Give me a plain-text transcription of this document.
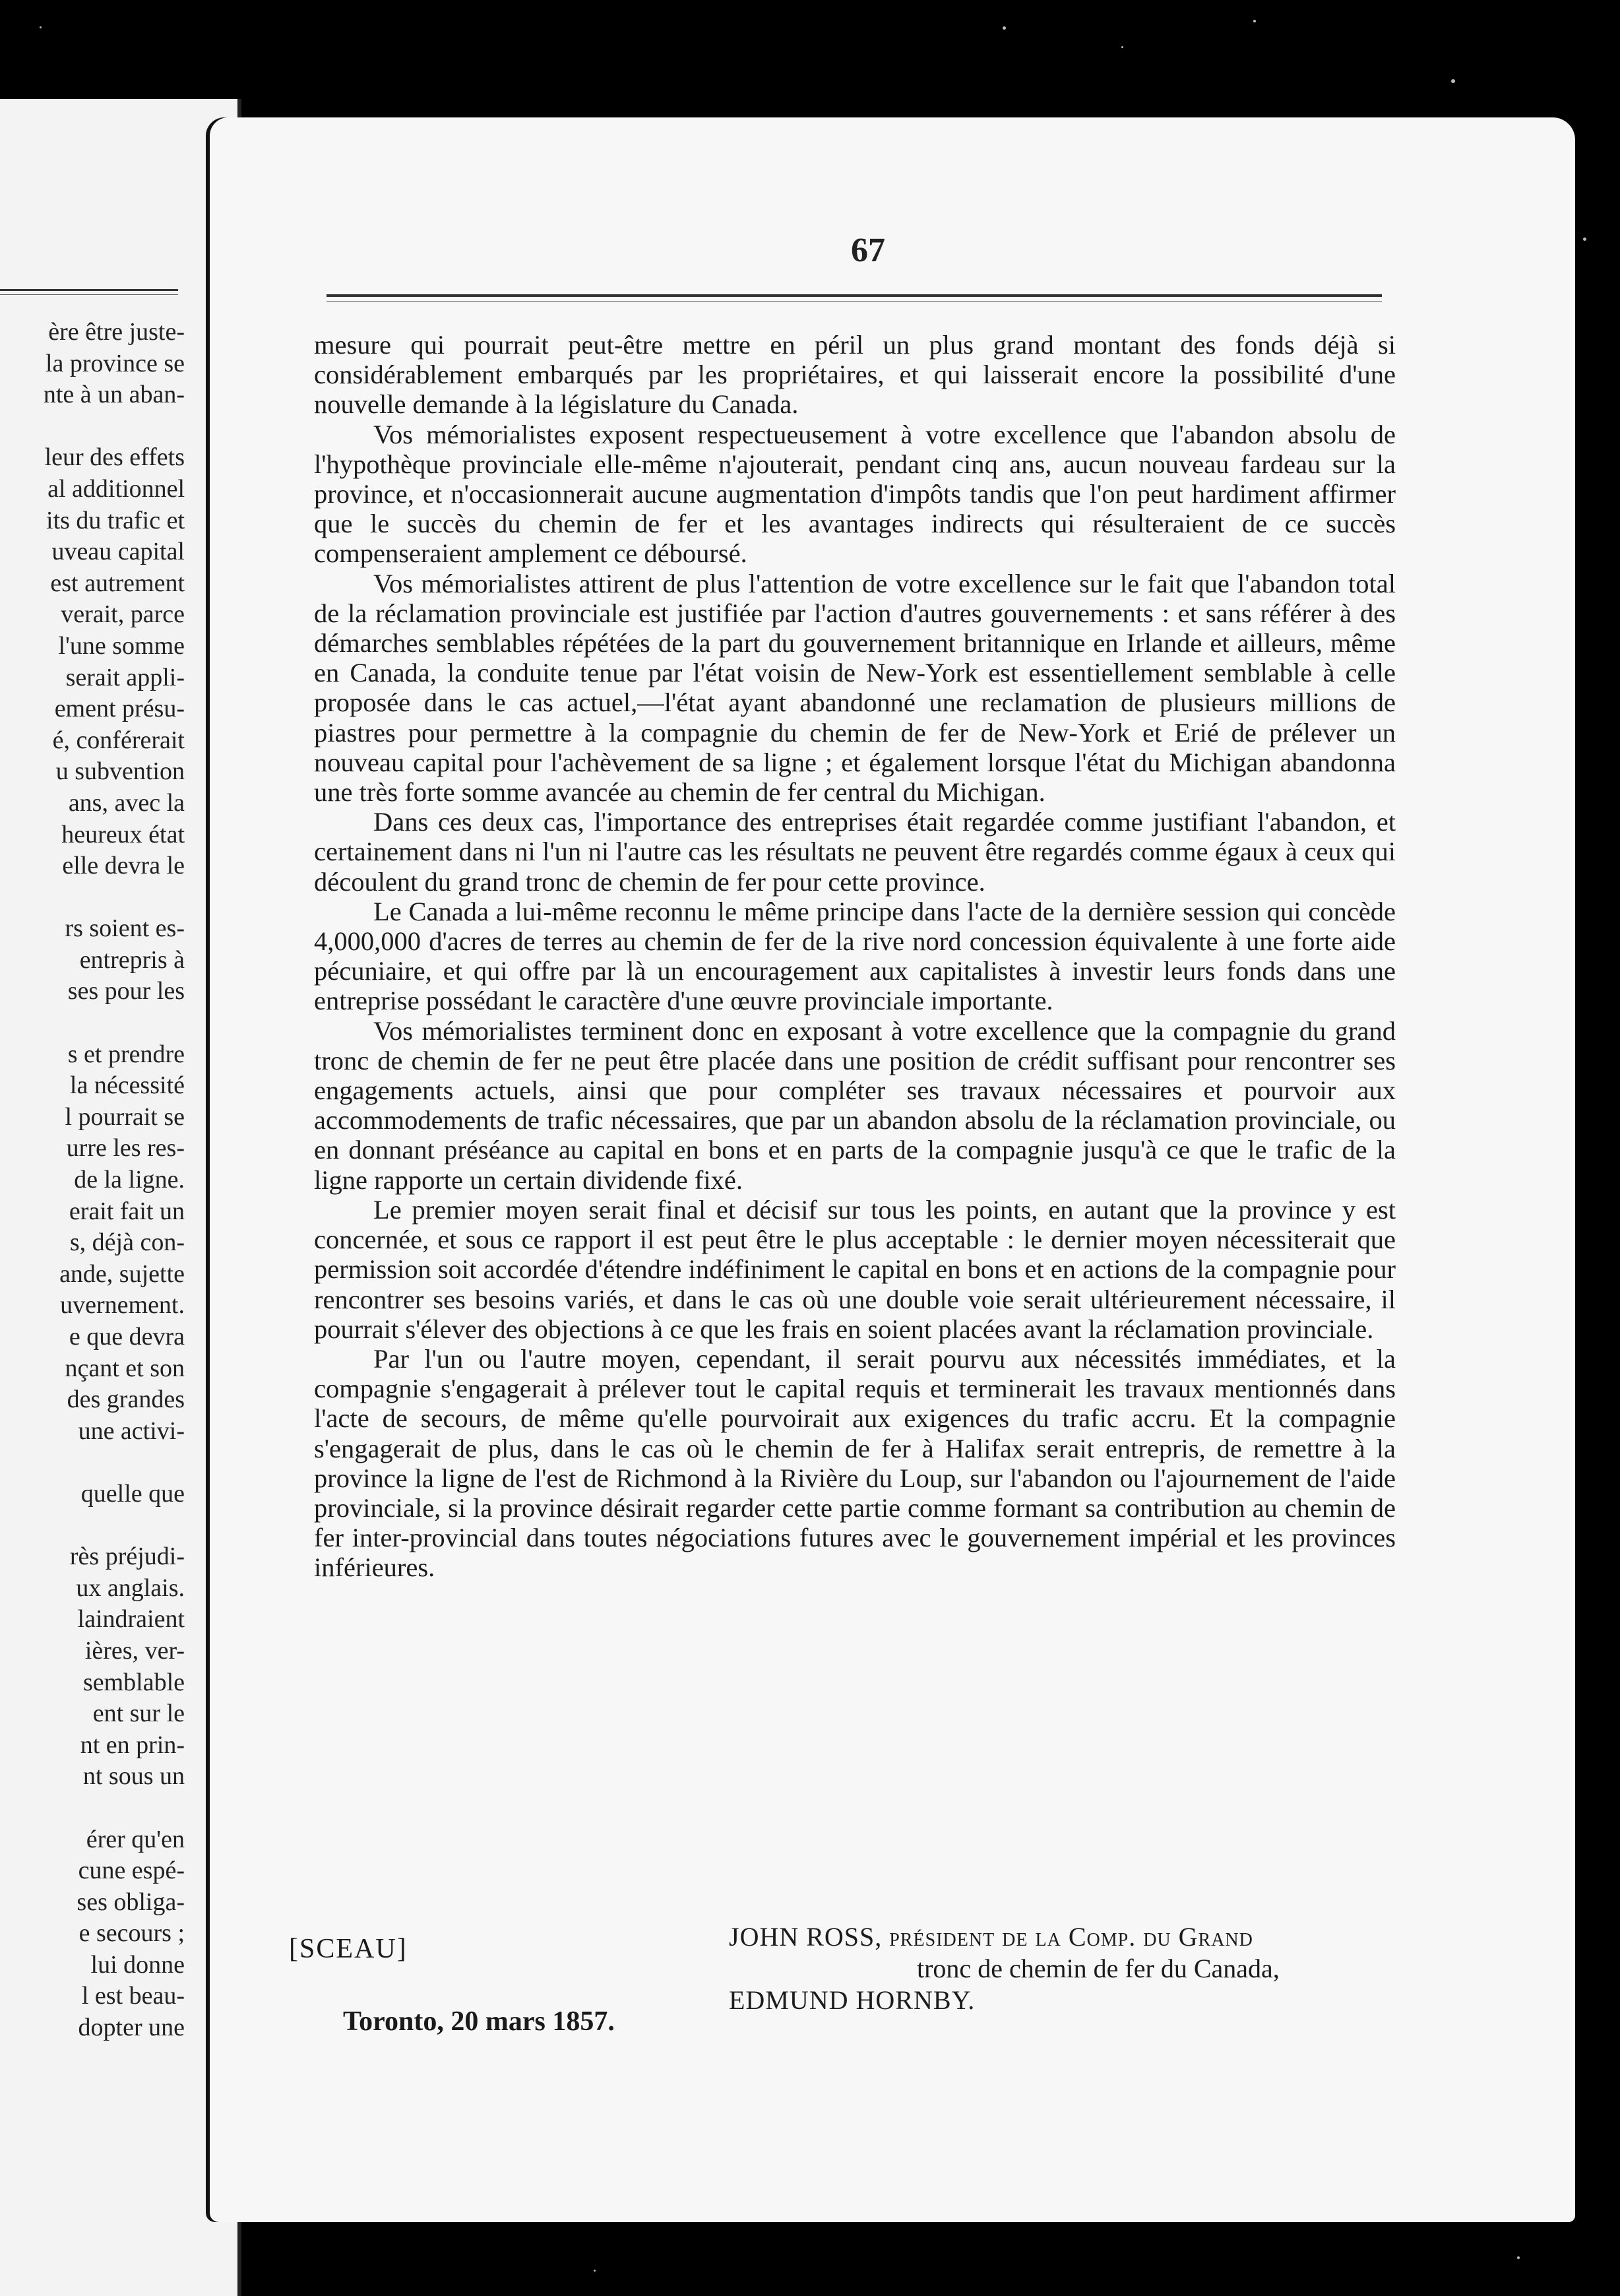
ère être juste-
la province se
nte à un aban-
leur des effets
al additionnel
its du trafic et
uveau capital
est autrement
verait, parce
l'une somme
serait appli-
ement présu-
é, conférerait
u subvention
ans, avec la
heureux état
elle devra le
rs soient es-
entrepris à
ses pour les
s et prendre
la nécessité
l pourrait se
urre les res-
de la ligne.
erait fait un
s, déjà con-
ande, sujette
uvernement.
e que devra
nçant et son
des grandes
une activi-
quelle que
rès préjudi-
ux anglais.
laindraient
ières, ver-
semblable
ent sur le
nt en prin-
nt sous un
érer qu'en
cune espé-
ses obliga-
e secours ;
lui donne
l est beau-
dopter une
67

mesure qui pourrait peut-être mettre en péril un plus grand montant des fonds déjà si considérablement embarqués par les propriétaires, et qui laisserait encore la possibilité d'une nouvelle demande à la législature du Canada.

Vos mémorialistes exposent respectueusement à votre excellence que l'abandon absolu de l'hypothèque provinciale elle-même n'ajouterait, pendant cinq ans, aucun nouveau fardeau sur la province, et n'occasionnerait aucune augmentation d'impôts tandis que l'on peut hardiment affirmer que le succès du chemin de fer et les avantages indirects qui résulteraient de ce succès compenseraient amplement ce déboursé.

Vos mémorialistes attirent de plus l'attention de votre excellence sur le fait que l'abandon total de la réclamation provinciale est justifiée par l'action d'autres gouvernements : et sans référer à des démarches semblables répétées de la part du gouvernement britannique en Irlande et ailleurs, même en Canada, la conduite tenue par l'état voisin de New-York est essentiellement semblable à celle proposée dans le cas actuel,—l'état ayant abandonné une reclamation de plusieurs millions de piastres pour permettre à la compagnie du chemin de fer de New-York et Erié de prélever un nouveau capital pour l'achèvement de sa ligne ; et également lorsque l'état du Michigan abandonna une très forte somme avancée au chemin de fer central du Michigan.

Dans ces deux cas, l'importance des entreprises était regardée comme justifiant l'abandon, et certainement dans ni l'un ni l'autre cas les résultats ne peuvent être regardés comme égaux à ceux qui découlent du grand tronc de chemin de fer pour cette province.

Le Canada a lui-même reconnu le même principe dans l'acte de la dernière session qui concède 4,000,000 d'acres de terres au chemin de fer de la rive nord concession équivalente à une forte aide pécuniaire, et qui offre par là un encouragement aux capitalistes à investir leurs fonds dans une entreprise possédant le caractère d'une œuvre provinciale importante.

Vos mémorialistes terminent donc en exposant à votre excellence que la compagnie du grand tronc de chemin de fer ne peut être placée dans une position de crédit suffisant pour rencontrer ses engagements actuels, ainsi que pour compléter ses travaux nécessaires et pourvoir aux accommodements de trafic nécessaires, que par un abandon absolu de la réclamation provinciale, ou en donnant préséance au capital en bons et en parts de la compagnie jusqu'à ce que le trafic de la ligne rapporte un certain dividende fixé.

Le premier moyen serait final et décisif sur tous les points, en autant que la province y est concernée, et sous ce rapport il est peut être le plus acceptable : le dernier moyen nécessiterait que permission soit accordée d'étendre indéfiniment le capital en bons et en actions de la compagnie pour rencontrer ses besoins variés, et dans le cas où une double voie serait ultérieurement nécessaire, il pourrait s'élever des objections à ce que les frais en soient placées avant la réclamation provinciale.

Par l'un ou l'autre moyen, cependant, il serait pourvu aux nécessités immédiates, et la compagnie s'engagerait à prélever tout le capital requis et terminerait les travaux mentionnés dans l'acte de secours, de même qu'elle pourvoirait aux exigences du trafic accru. Et la compagnie s'engagerait de plus, dans le cas où le chemin de fer à Halifax serait entrepris, de remettre à la province la ligne de l'est de Richmond à la Rivière du Loup, sur l'abandon ou l'ajournement de l'aide provinciale, si la province désirait regarder cette partie comme formant sa contribution au chemin de fer inter-provincial dans toutes négociations futures avec le gouvernement impérial et les provinces inférieures.

JOHN ROSS, président de la Comp. du Grand
tronc de chemin de fer du Canada,
EDMUND HORNBY.
[SCEAU]
Toronto, 20 mars 1857.
